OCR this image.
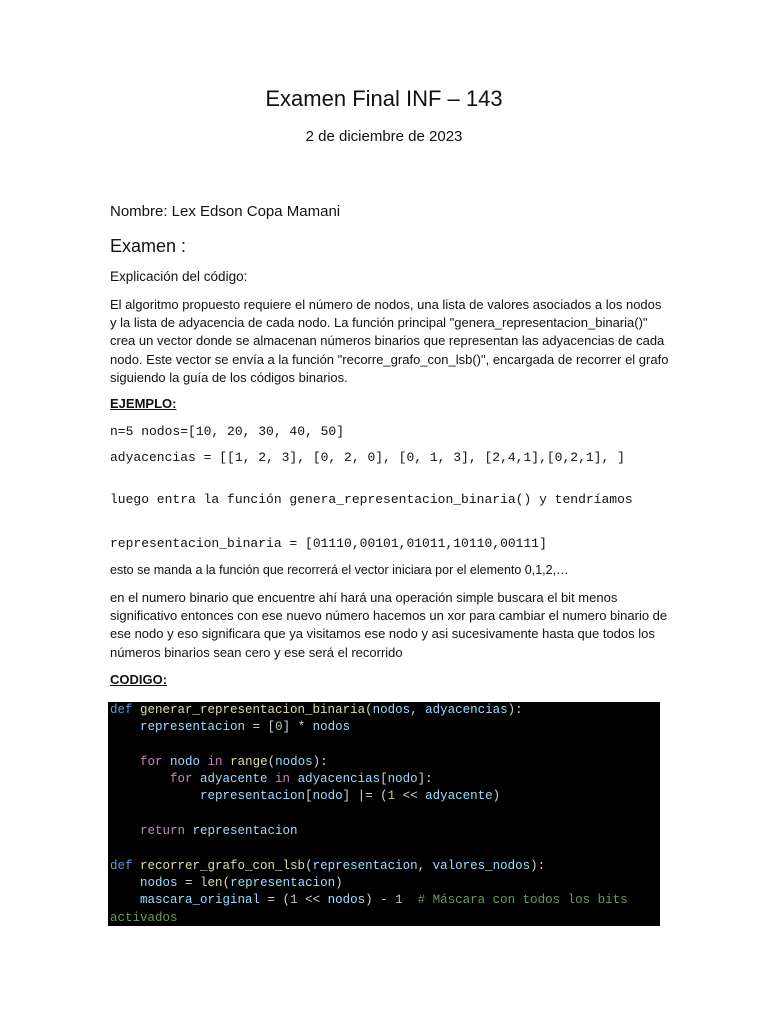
Examen Final INF – 143
2 de diciembre de 2023
Nombre: Lex Edson Copa Mamani
Examen :
Explicación del código:
El algoritmo propuesto requiere el número de nodos, una lista de valores asociados a los nodos y la lista de adyacencia de cada nodo. La función principal "genera_representacion_binaria()" crea un vector donde se almacenan números binarios que representan las adyacencias de cada nodo. Este vector se envía a la función "recorre_grafo_con_lsb()", encargada de recorrer el grafo siguiendo la guía de los códigos binarios.
EJEMPLO:
n=5 nodos=[10, 20, 30, 40, 50]
adyacencias = [[1, 2, 3], [0, 2, 0], [0, 1, 3], [2,4,1],[0,2,1], ]
luego entra la función genera_representacion_binaria() y tendríamos
representacion_binaria = [01110,00101,01011,10110,00111]
esto se manda a la función que recorrerá el vector iniciara por el elemento 0,1,2,…
en el numero binario que encuentre ahí hará una operación simple buscara el bit menos significativo entonces con ese nuevo número hacemos un xor para cambiar el numero binario de ese nodo y eso significara que ya visitamos ese nodo y asi sucesivamente hasta que todos los números binarios sean cero y ese será el recorrido
CODIGO:
def generar_representacion_binaria(nodos, adyacencias):
representacion = [0] * nodos
for nodo in range(nodos):
for adyacente in adyacencias[nodo]:
representacion[nodo] |= (1 << adyacente)
return representacion
def recorrer_grafo_con_lsb(representacion, valores_nodos):
nodos = len(representacion)
mascara_original = (1 << nodos) - 1 # Máscara con todos los bits
activados
